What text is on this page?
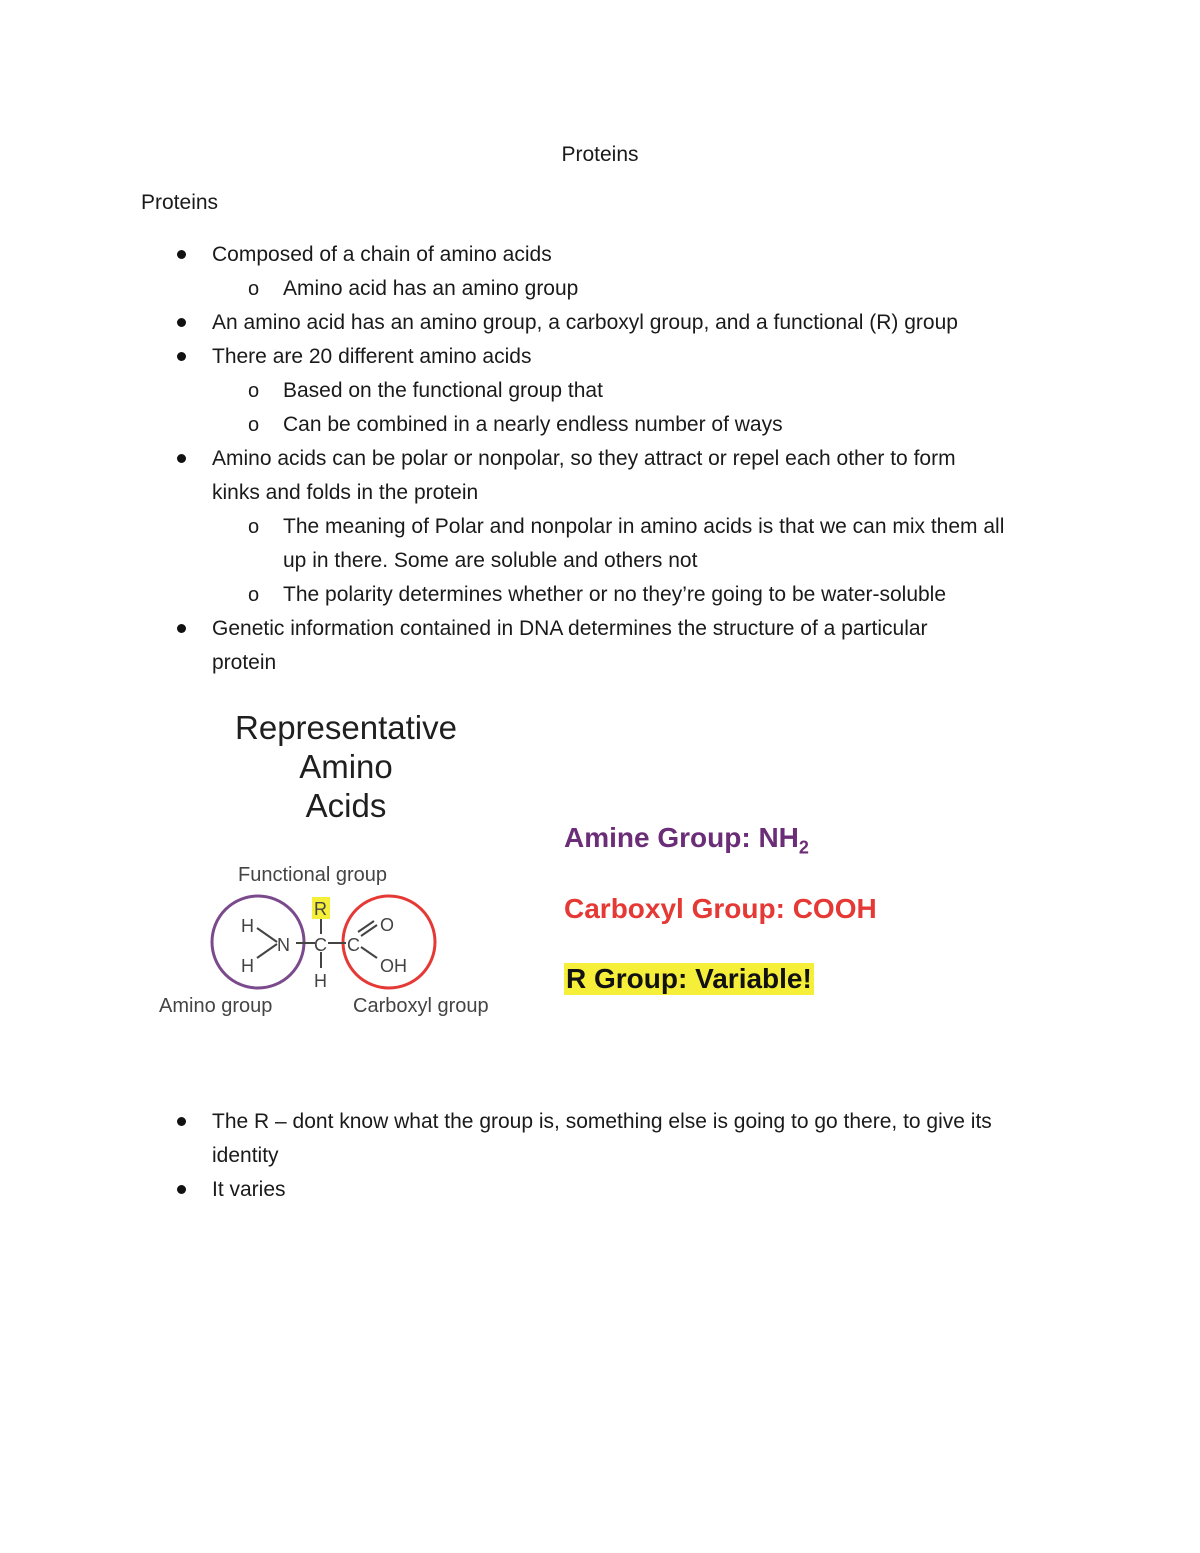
Proteins
Proteins
Composed of a chain of amino acids
o Amino acid has an amino group
An amino acid has an amino group, a carboxyl group, and a functional (R) group
There are 20 different amino acids
o Based on the functional group that
o Can be combined in a nearly endless number of ways
Amino acids can be polar or nonpolar, so they attract or repel each other to form
kinks and folds in the protein
o The meaning of Polar and nonpolar in amino acids is that we can mix them all
up in there. Some are soluble and others not
o The polarity determines whether or no they’re going to be water-soluble
Genetic information contained in DNA determines the structure of a particular
protein
Representative Amino
Acids
Functional group
Amino group	Carboxyl group
H
H
N C C
R
H
O
OH
Amine Group: $NH_2$
Carboxyl Group: COOH
R Group: Variable!
The R – dont know what the group is, something else is going to go there, to give its
identity
It varies
